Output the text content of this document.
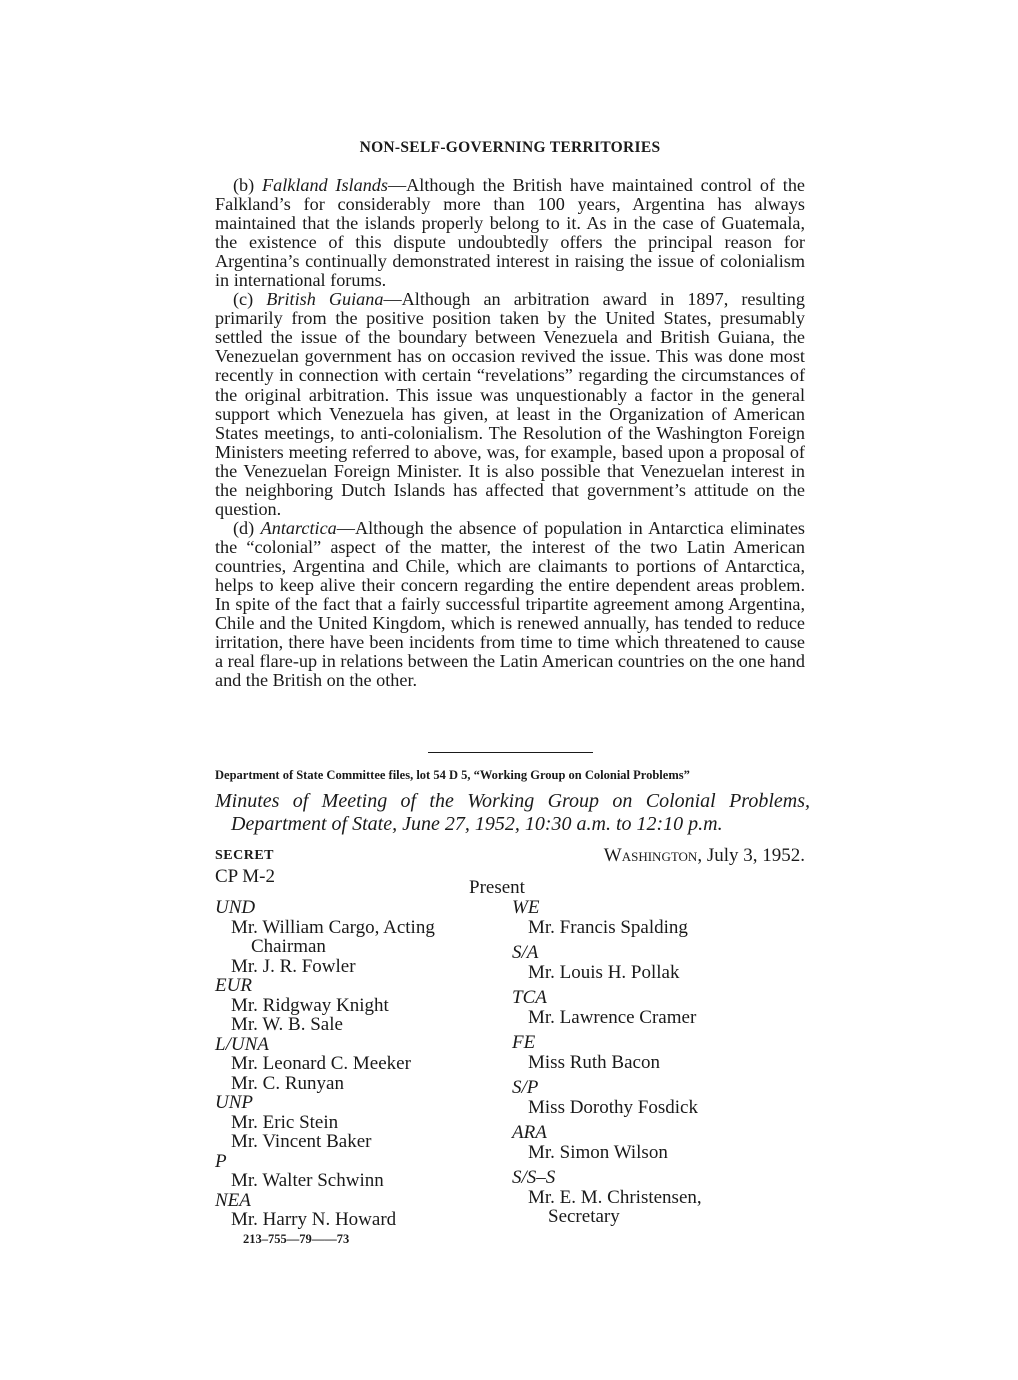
NON-SELF-GOVERNING TERRITORIES

(b) Falkland Islands—Although the British have maintained control of the Falkland’s for considerably more than 100 years, Argentina has always maintained that the islands properly belong to it. As in the case of Guatemala, the existence of this dispute undoubtedly offers the principal reason for Argentina’s continually demonstrated interest in raising the issue of colonialism in international forums.

(c) British Guiana—Although an arbitration award in 1897, resulting primarily from the positive position taken by the United States, presumably settled the issue of the boundary between Venezuela and British Guiana, the Venezuelan government has on occasion revived the issue. This was done most recently in connection with certain “revelations” regarding the circumstances of the original arbitration. This issue was unquestionably a factor in the general support which Venezuela has given, at least in the Organization of American States meetings, to anti-colonialism. The Resolution of the Washington Foreign Ministers meeting referred to above, was, for example, based upon a proposal of the Venezuelan Foreign Minister. It is also possible that Venezuelan interest in the neighboring Dutch Islands has affected that government’s attitude on the question.

(d) Antarctica—Although the absence of population in Antarctica eliminates the “colonial” aspect of the matter, the interest of the two Latin American countries, Argentina and Chile, which are claimants to portions of Antarctica, helps to keep alive their concern regarding the entire dependent areas problem. In spite of the fact that a fairly successful tripartite agreement among Argentina, Chile and the United Kingdom, which is renewed annually, has tended to reduce irritation, there have been incidents from time to time which threatened to cause a real flare-up in relations between the Latin American countries on the one hand and the British on the other.

Department of State Committee files, lot 54 D 5, “Working Group on Colonial Problems”
Minutes of Meeting of the Working Group on Colonial Problems,
Department of State, June 27, 1952, 10:30 a.m. to 12:10 p.m.
SECRET	Washington, July 3, 1952.
CP M-2
Present
UND
Mr. William Cargo, Acting
Chairman
Mr. J. R. Fowler
EUR
Mr. Ridgway Knight
Mr. W. B. Sale
L/UNA
Mr. Leonard C. Meeker
Mr. C. Runyan
UNP
Mr. Eric Stein
Mr. Vincent Baker
P
Mr. Walter Schwinn
NEA
Mr. Harry N. Howard
WE
Mr. Francis Spalding
S/A
Mr. Louis H. Pollak
TCA
Mr. Lawrence Cramer
FE
Miss Ruth Bacon
S/P
Miss Dorothy Fosdick
ARA
Mr. Simon Wilson
S/S–S
Mr. E. M. Christensen,
Secretary
213–755—79——73
